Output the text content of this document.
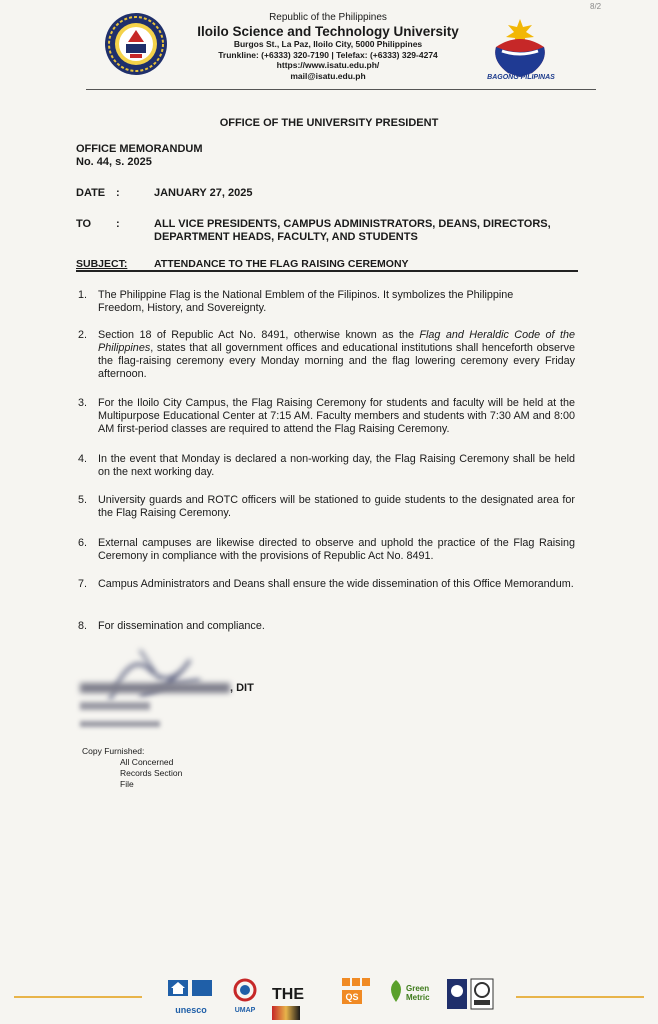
8/2
Republic of the Philippines
Iloilo Science and Technology University
Burgos St., La Paz, Iloilo City, 5000 Philippines
Trunkline: (+6333) 320-7190 | Telefax: (+6333) 329-4274
https://www.isatu.edu.ph/
mail@isatu.edu.ph	BAGONG PILIPINAS
OFFICE OF THE UNIVERSITY PRESIDENT
OFFICE MEMORANDUM
No. 44, s. 2025
DATE :	JANUARY 27, 2025
TO :	ALL VICE PRESIDENTS, CAMPUS ADMINISTRATORS, DEANS, DIRECTORS,
DEPARTMENT HEADS, FACULTY, AND STUDENTS
SUBJECT:	ATTENDANCE TO THE FLAG RAISING CEREMONY
1. The Philippine Flag is the National Emblem of the Filipinos. It symbolizes the Philippine
Freedom, History, and Sovereignty.
2. Section 18 of Republic Act No. 8491, otherwise known as the Flag and Heraldic Code of the Philippines, states that all government offices and educational institutions shall henceforth observe the flag-raising ceremony every Monday morning and the flag lowering ceremony every Friday afternoon.
3. For the Iloilo City Campus, the Flag Raising Ceremony for students and faculty will be held at the Multipurpose Educational Center at 7:15 AM. Faculty members and students with 7:30 AM and 8:00 AM first-period classes are required to attend the Flag Raising Ceremony.
4. In the event that Monday is declared a non-working day, the Flag Raising Ceremony shall be held on the next working day.
5. University guards and ROTC officers will be stationed to guide students to the designated area for the Flag Raising Ceremony.
6. External campuses are likewise directed to observe and uphold the practice of the Flag Raising Ceremony in compliance with the provisions of Republic Act No. 8491.
7. Campus Administrators and Deans shall ensure the wide dissemination of this Office Memorandum.
8. For dissemination and compliance.
, DIT
Copy Furnished:
All Concerned
Records Section
File
unesco	UMAP
THE	QS
Green Metric
